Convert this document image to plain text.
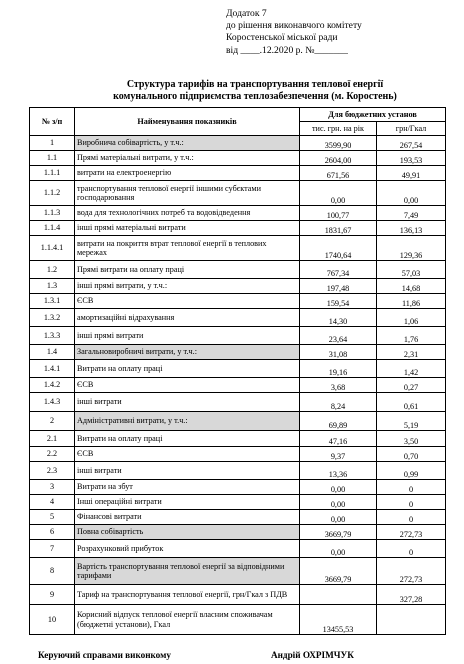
Додаток 7
до рішення виконавчого комітету
Коростенської міської ради
від ____.12.2020 р. №_______
Структура тарифів на транспортування теплової енергії
комунального підприємства теплозабезпечення (м. Коростень)
№ з/п	Найменування показників	Для бюджетних установ	
		тис. грн. на рік	грн/Гкал
1	Виробнича собівартість, у т.ч.:	3599,90	267,54
1.1	Прямі матеріальні витрати, у т.ч.:	2604,00	193,53
1.1.1	витрати на електроенергію	671,56	49,91
1.1.2	транспортування теплової енергії іншими субєктами господарювання	0,00	0,00
1.1.3	вода для технологічних потреб та водовідведення	100,77	7,49
1.1.4	інші прямі матеріальні витрати	1831,67	136,13
1.1.4.1	витрати на покриття втрат теплової енергії в теплових мережах	1740,64	129,36
1.2	Прямі витрати на оплату праці	767,34	57,03
1.3	інші прямі витрати, у т.ч.:	197,48	14,68
1.3.1	ЄСВ	159,54	11,86
1.3.2	амортизаційні відрахування	14,30	1,06
1.3.3	інші прямі витрати	23,64	1,76
1.4	Загальновиробничі витрати, у т.ч.:	31,08	2,31
1.4.1	Витрати на оплату праці	19,16	1,42
1.4.2	ЄСВ	3,68	0,27
1.4.3	інші витрати	8,24	0,61
2	Адміністративні витрати, у т.ч.:	69,89	5,19
2.1	Витрати на оплату праці	47,16	3,50
2.2	ЄСВ	9,37	0,70
2.3	інші витрати	13,36	0,99
3	Витрати на збут	0,00	0
4	Інші операційні витрати	0,00	0
5	Фінансові витрати	0,00	0
6	Повна собівартість	3669,79	272,73
7	Розрахунковий прибуток	0,00	0
8	Вартість транспортування теплової енергії за відповідними тарифами	3669,79	272,73
9	Тариф на транспортування теплової енергії, грн/Гкал з ПДВ		327,28
10	Корисний відпуск теплової енергії власним споживачам (бюджетні установи), Гкал	13455,53	
Керуючий справами виконкому	Андрій ОХРІМЧУК
